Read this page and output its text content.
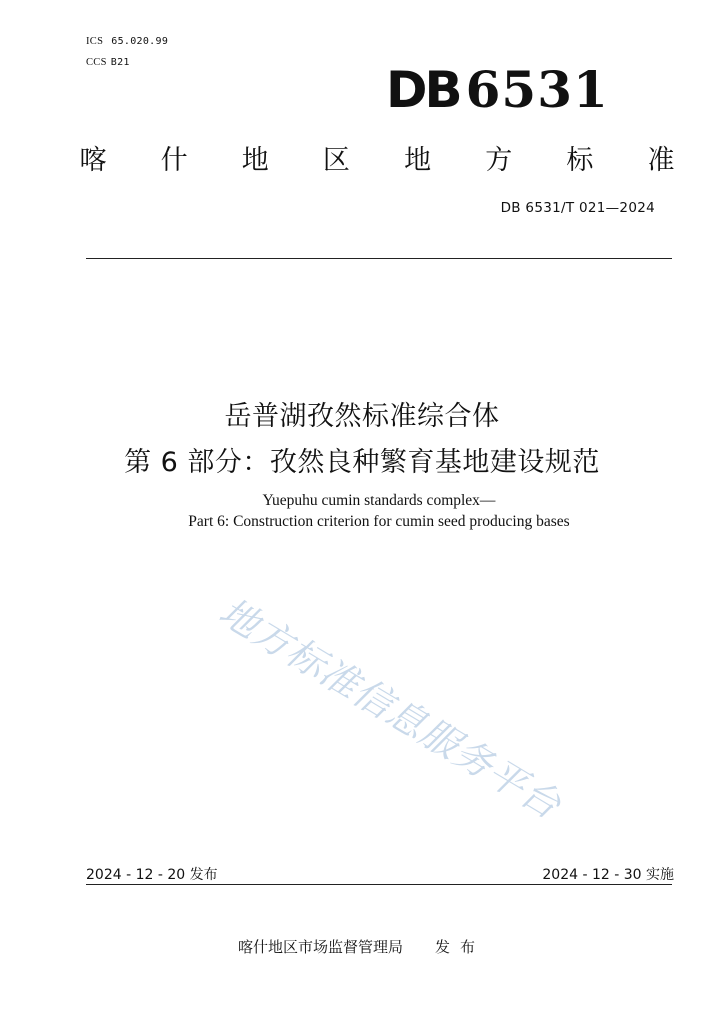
ICS 65.020.99
CCS B21	DB 6531
喀 什 地 区 地 方 标 准
DB 6531/T 021—2024
岳普湖孜然标准综合体
第 6 部分：孜然良种繁育基地建设规范
Yuepuhu cumin standards complex—
Part 6: Construction criterion for cumin seed producing bases
地方标准信息服务平台
2024 - 12 - 20 发布	2024 - 12 - 30 实施
喀什地区市场监督管理局 发布
